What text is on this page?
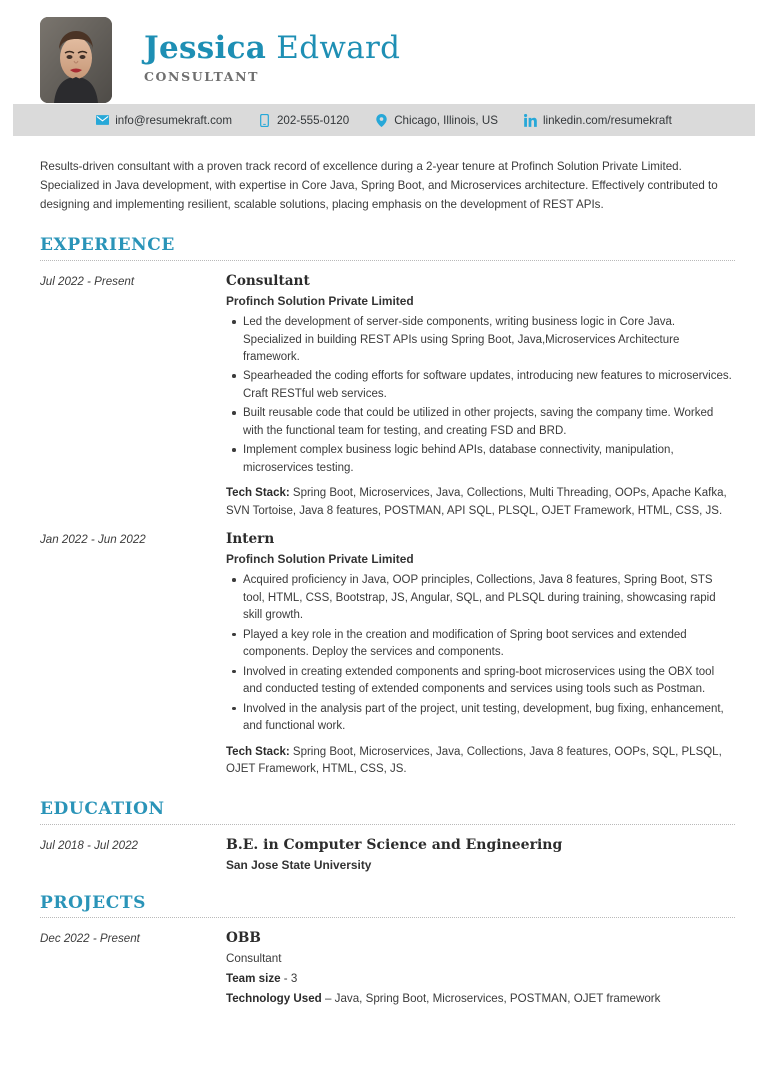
Jessica Edward
CONSULTANT
info@resumekraft.com	202-555-0120	Chicago, Illinois, US	linkedin.com/resumekraft
Results-driven consultant with a proven track record of excellence during a 2-year tenure at Profinch Solution Private Limited. Specialized in Java development, with expertise in Core Java, Spring Boot, and Microservices architecture. Effectively contributed to designing and implementing resilient, scalable solutions, placing emphasis on the development of REST APIs.
EXPERIENCE
Jul 2022 - Present	Consultant
Profinch Solution Private Limited
Led the development of server-side components, writing business logic in Core Java. Specialized in building REST APIs using Spring Boot, Java,Microservices Architecture framework.
Spearheaded the coding efforts for software updates, introducing new features to microservices. Craft RESTful web services.
Built reusable code that could be utilized in other projects, saving the company time. Worked with the functional team for testing, and creating FSD and BRD.
Implement complex business logic behind APIs, database connectivity, manipulation, microservices testing.
Tech Stack: Spring Boot, Microservices, Java, Collections, Multi Threading, OOPs, Apache Kafka, SVN Tortoise, Java 8 features, POSTMAN, API SQL, PLSQL, OJET Framework, HTML, CSS, JS.
Jan 2022 - Jun 2022	Intern
Profinch Solution Private Limited
Acquired proficiency in Java, OOP principles, Collections, Java 8 features, Spring Boot, STS tool, HTML, CSS, Bootstrap, JS, Angular, SQL, and PLSQL during training, showcasing rapid skill growth.
Played a key role in the creation and modification of Spring boot services and extended components. Deploy the services and components.
Involved in creating extended components and spring-boot microservices using the OBX tool and conducted testing of extended components and services using tools such as Postman.
Involved in the analysis part of the project, unit testing, development, bug fixing, enhancement, and functional work.
Tech Stack: Spring Boot, Microservices, Java, Collections, Java 8 features, OOPs, SQL, PLSQL, OJET Framework, HTML, CSS, JS.
EDUCATION
Jul 2018 - Jul 2022	B.E. in Computer Science and Engineering
San Jose State University
PROJECTS
Dec 2022 - Present	OBB
Consultant
Team size - 3
Technology Used – Java, Spring Boot, Microservices, POSTMAN, OJET framework
